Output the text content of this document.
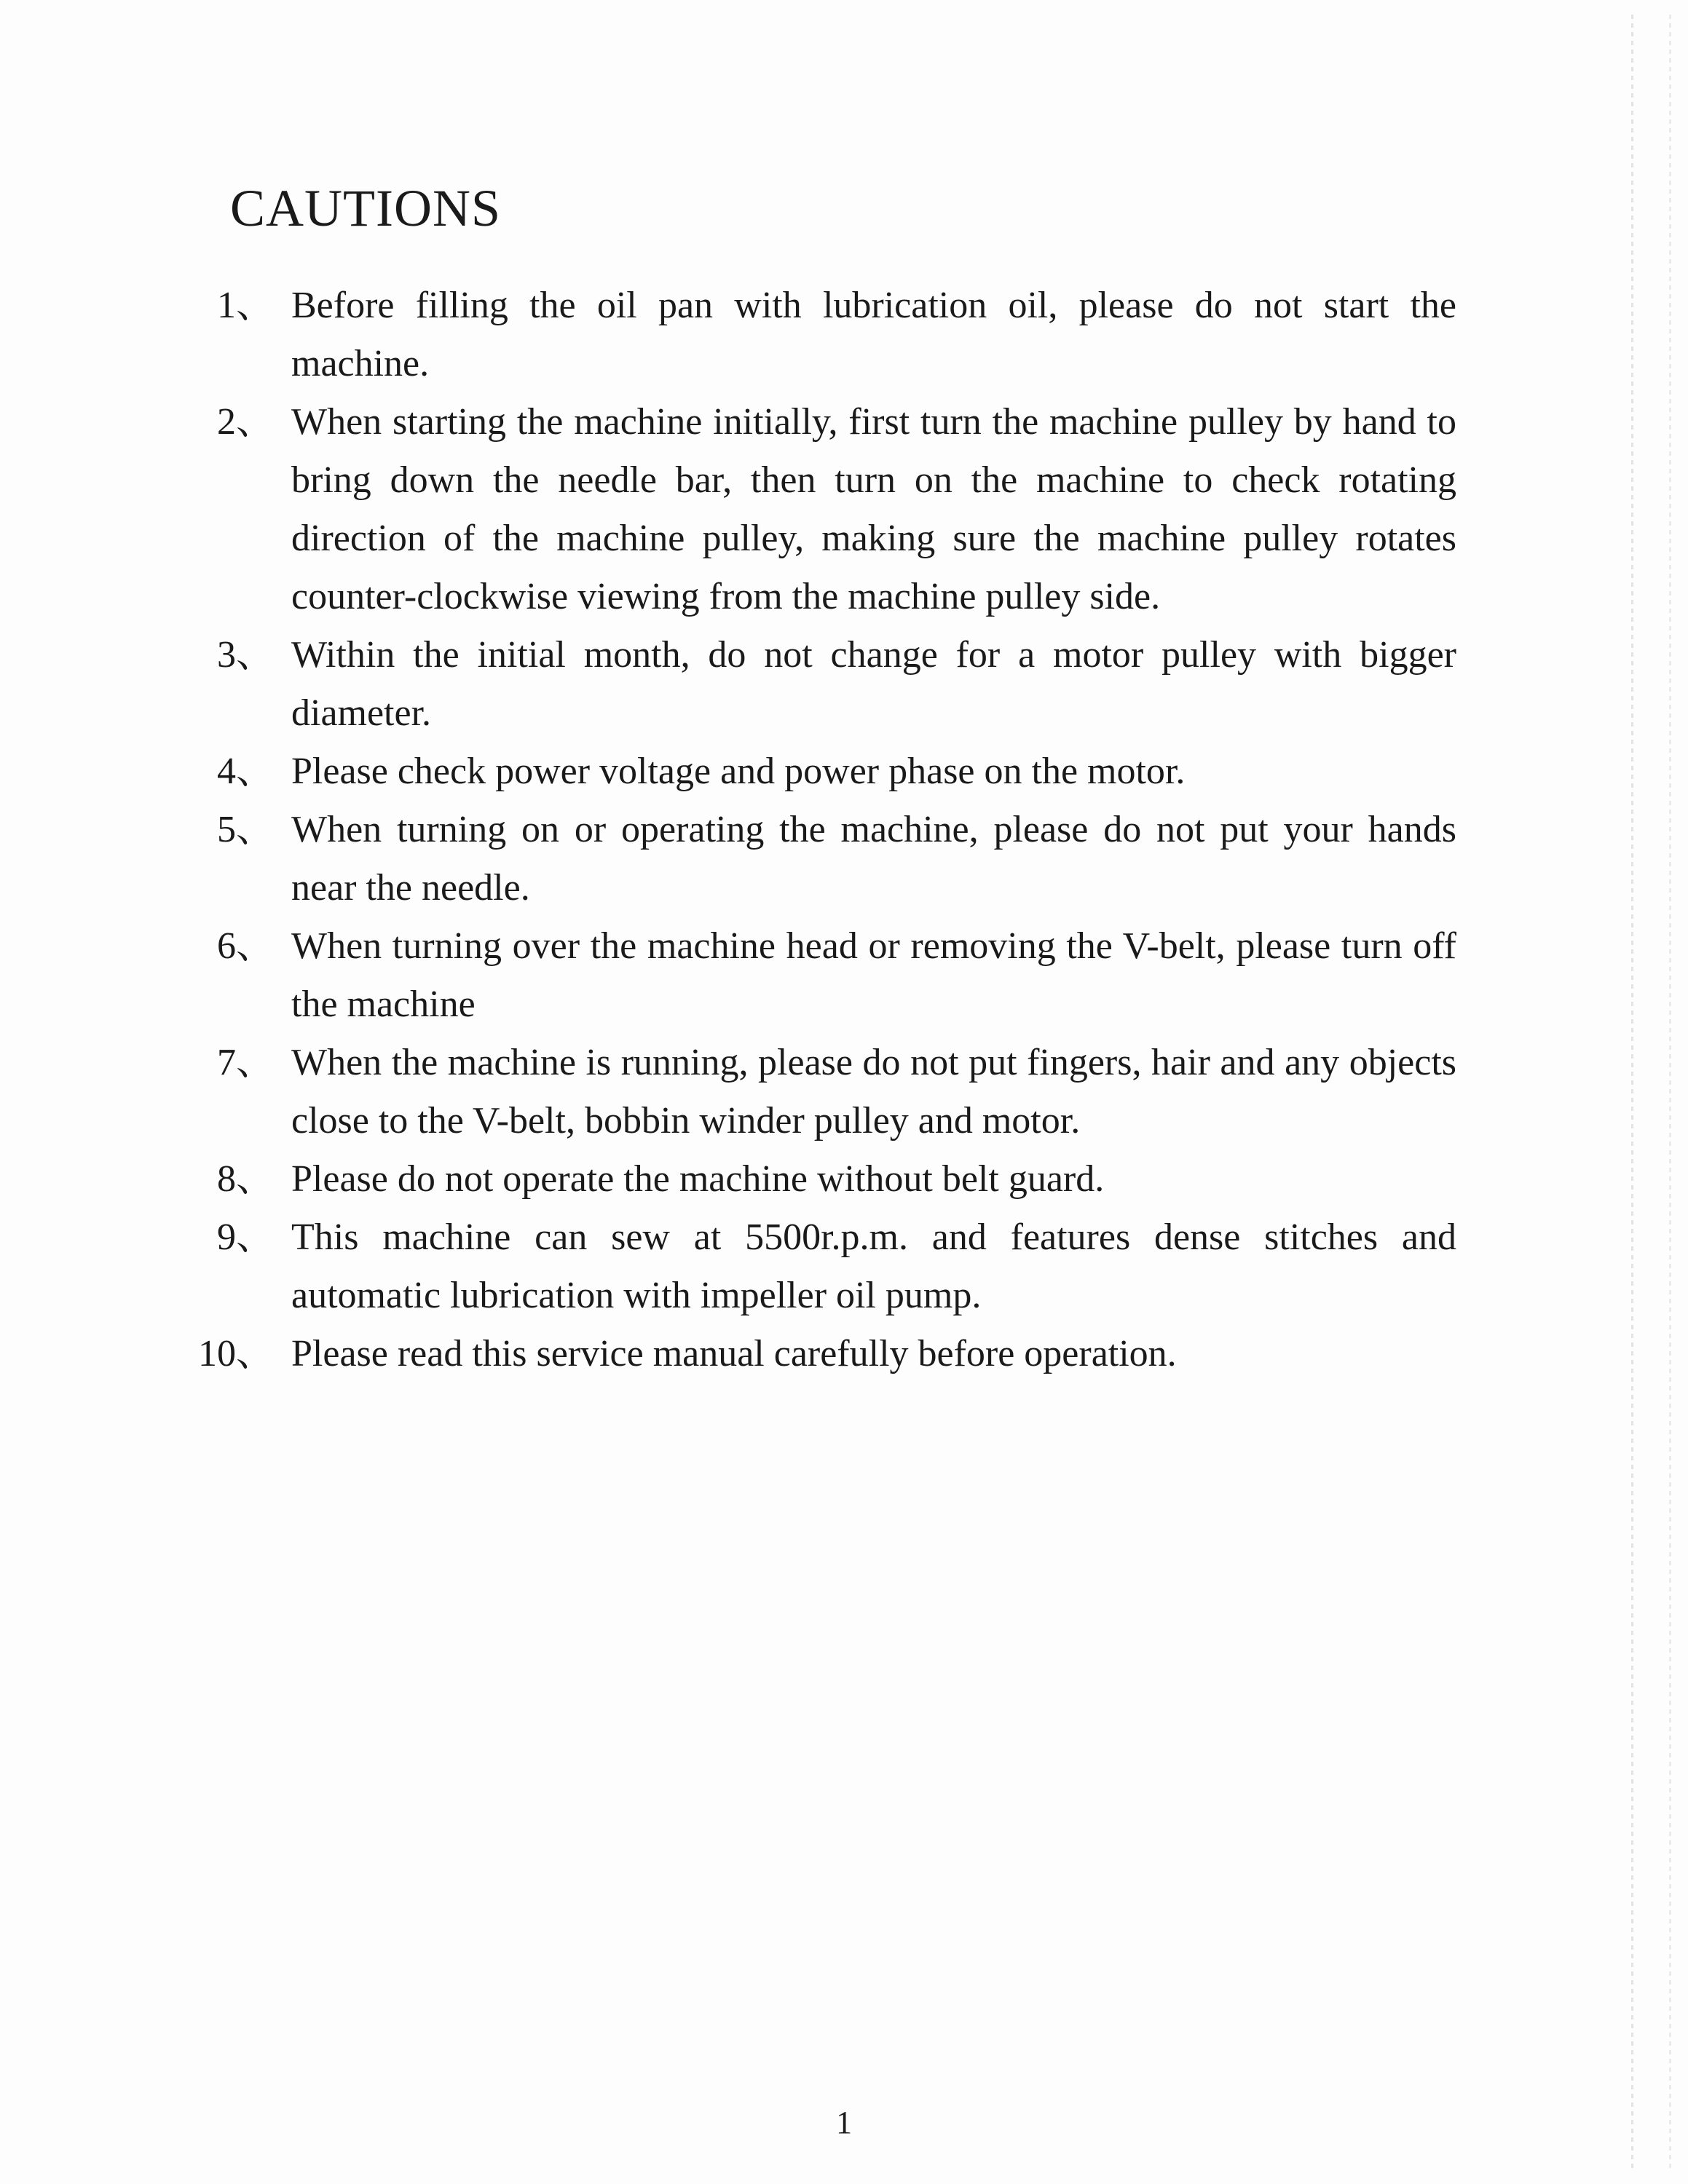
CAUTIONS
1、 Before filling the oil pan with lubrication oil, please do not start the machine.
2、 When starting the machine initially, first turn the machine pulley by hand to bring down the needle bar, then turn on the machine to check rotating direction of the machine pulley, making sure the machine pulley rotates counter-clockwise viewing from the machine pulley side.
3、 Within the initial month, do not change for a motor pulley with bigger diameter.
4、 Please check power voltage and power phase on the motor.
5、 When turning on or operating the machine, please do not put your hands near the needle.
6、 When turning over the machine head or removing the V-belt, please turn off the machine
7、 When the machine is running, please do not put fingers, hair and any objects close to the V-belt, bobbin winder pulley and motor.
8、 Please do not operate the machine without belt guard.
9、 This machine can sew at 5500r.p.m. and features dense stitches and automatic lubrication with impeller oil pump.
10、 Please read this service manual carefully before operation.
1
